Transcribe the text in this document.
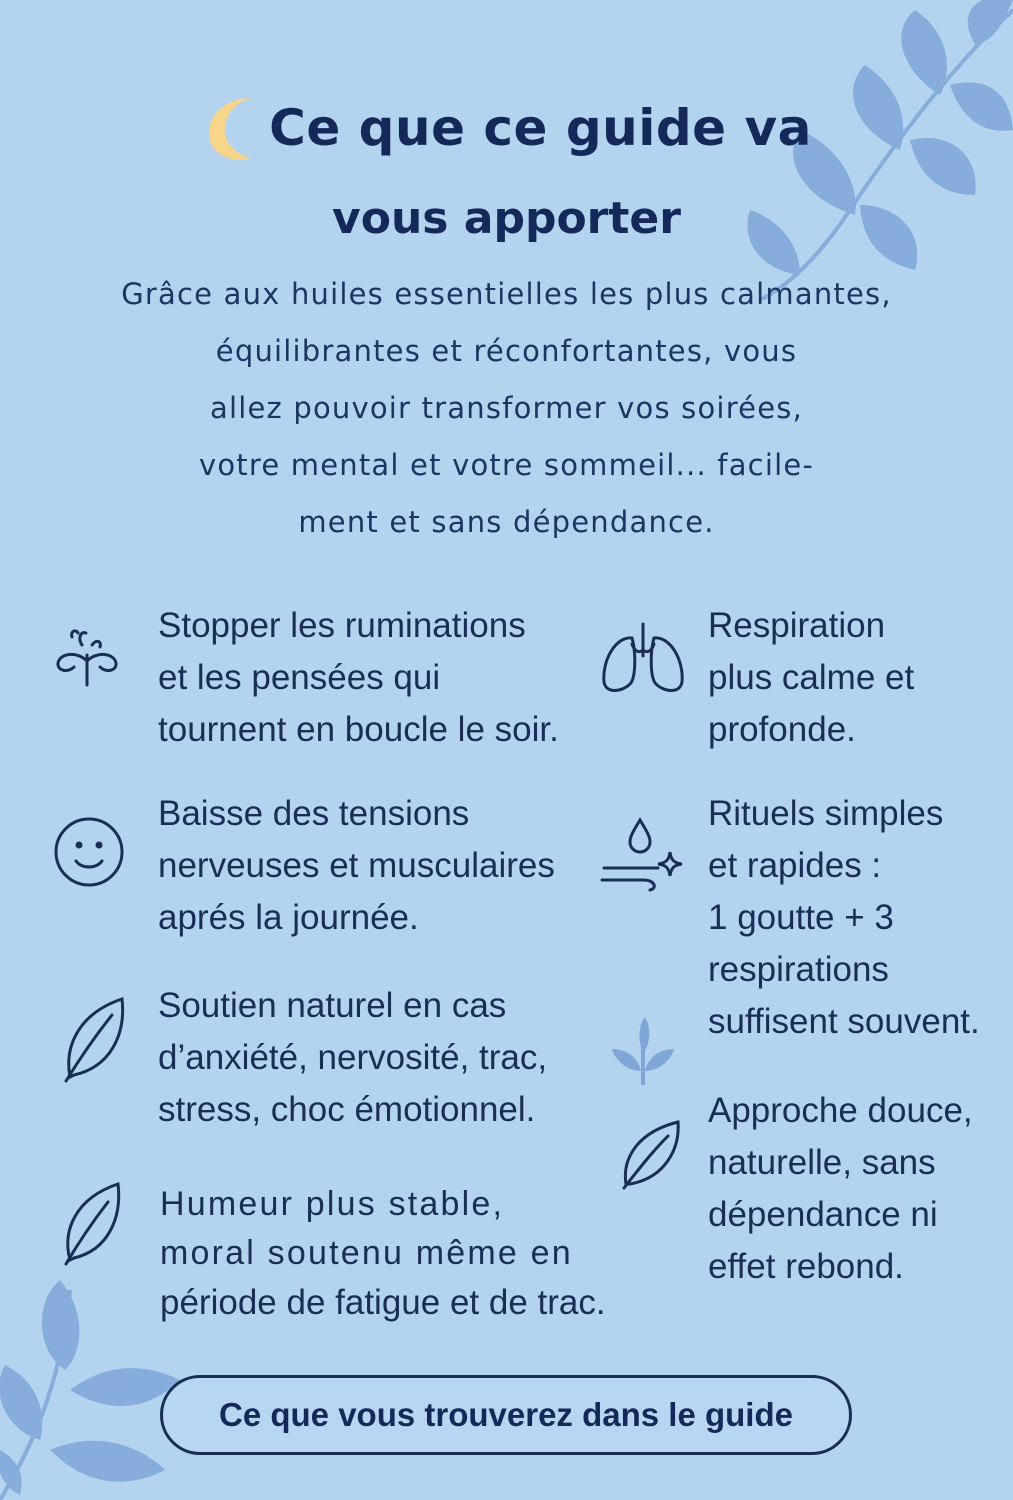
Ce que ce guide va
vous apporter
Grâce aux huiles essentielles les plus calmantes,
équilibrantes et réconfortantes, vous
allez pouvoir transformer vos soirées,
votre mental et votre sommeil... facile-
ment et sans dépendance.
Stopper les ruminations
et les pensées qui
tournent en boucle le soir.
Baisse des tensions
nerveuses et musculaires
aprés la journée.
Soutien naturel en cas
d’anxiété, nervosité, trac,
stress, choc émotionnel.
Humeur plus stable,
moral soutenu même en
période de fatigue et de trac.
Respiration
plus calme et
profonde.
Rituels simples
et rapides :
1 goutte + 3
respirations
suffisent souvent.
Approche douce,
naturelle, sans
dépendance ni
effet rebond.
Ce que vous trouverez dans le guide
